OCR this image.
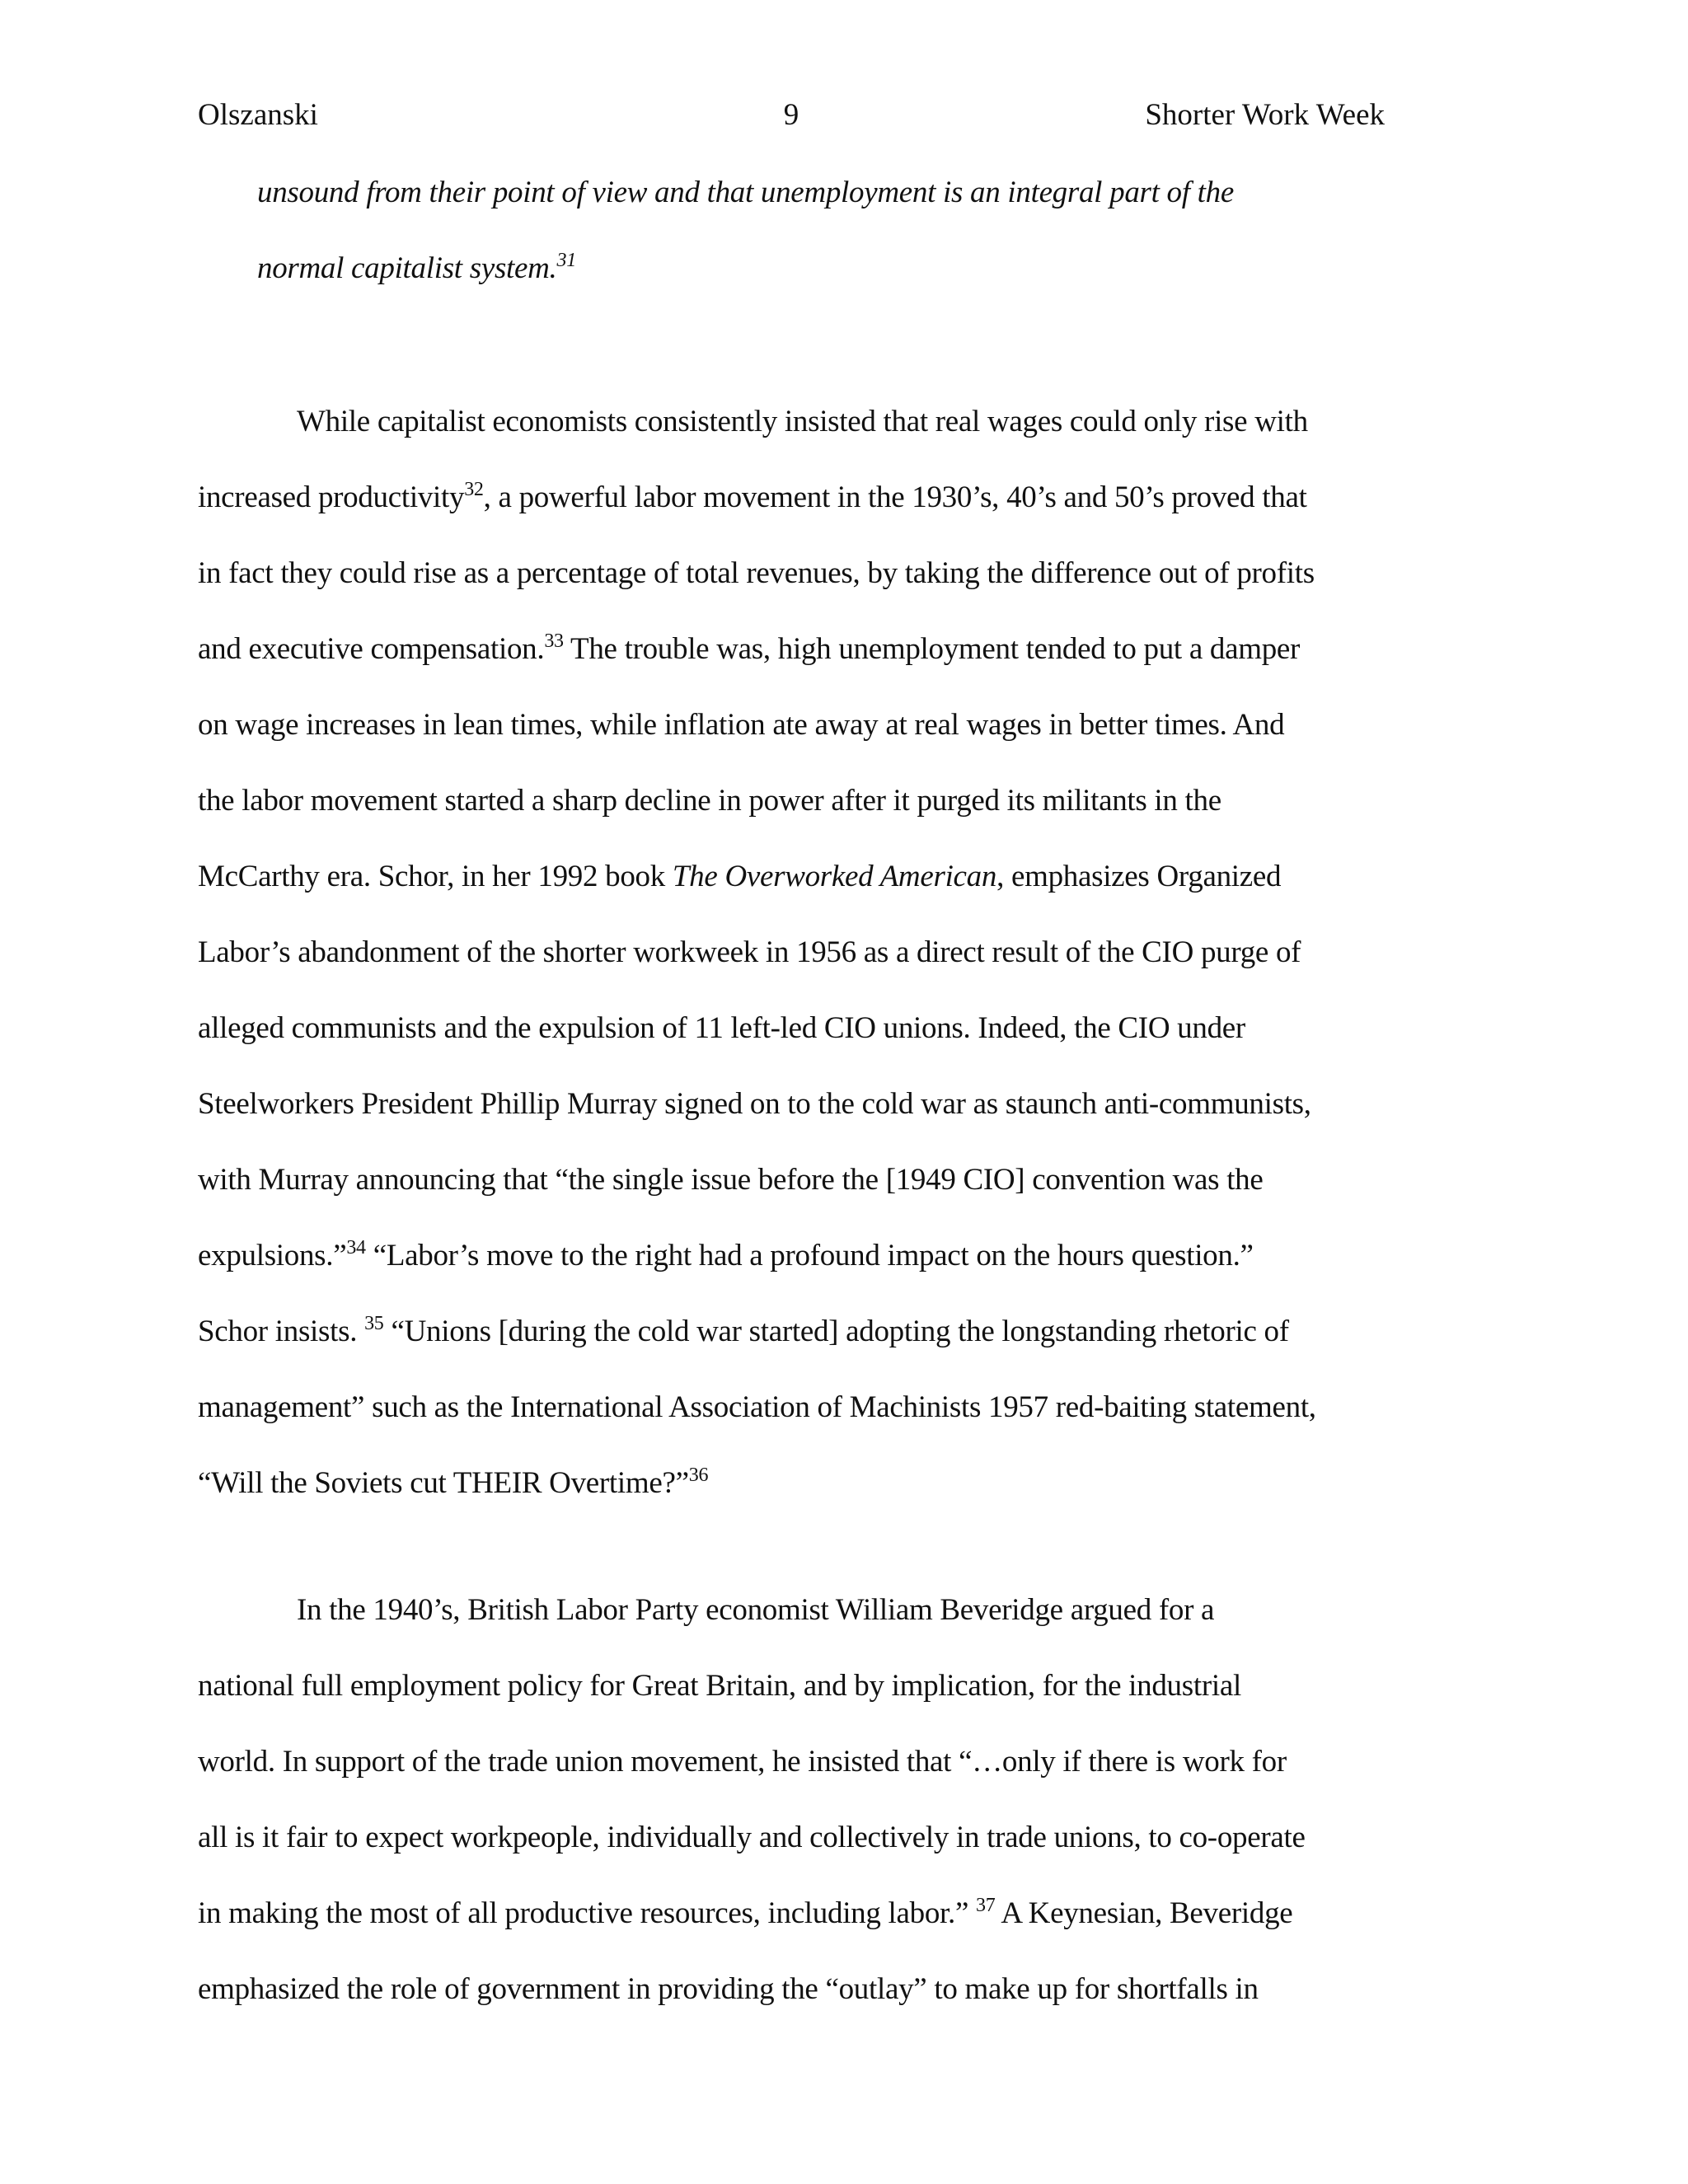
Olszanski	9	Shorter Work Week
unsound from their point of view and that unemployment is an integral part of the
normal capitalist system.$^{31}$
While capitalist economists consistently insisted that real wages could only rise with
increased productivity$^{32}$, a powerful labor movement in the 1930’s, 40’s and 50’s proved that
in fact they could rise as a percentage of total revenues, by taking the difference out of profits
and executive compensation.$^{33}$ The trouble was, high unemployment tended to put a damper
on wage increases in lean times, while inflation ate away at real wages in better times. And
the labor movement started a sharp decline in power after it purged its militants in the
McCarthy era. Schor, in her 1992 book The Overworked American, emphasizes Organized
Labor’s abandonment of the shorter workweek in 1956 as a direct result of the CIO purge of
alleged communists and the expulsion of 11 left-led CIO unions. Indeed, the CIO under
Steelworkers President Phillip Murray signed on to the cold war as staunch anti-communists,
with Murray announcing that “the single issue before the [1949 CIO] convention was the
expulsions.”$^{34}$ “Labor’s move to the right had a profound impact on the hours question.”
Schor insists. $^{35}$ “Unions [during the cold war started] adopting the longstanding rhetoric of
management” such as the International Association of Machinists 1957 red-baiting statement,
“Will the Soviets cut THEIR Overtime?”$^{36}$
In the 1940’s, British Labor Party economist William Beveridge argued for a
national full employment policy for Great Britain, and by implication, for the industrial
world. In support of the trade union movement, he insisted that “…only if there is work for
all is it fair to expect workpeople, individually and collectively in trade unions, to co-operate
in making the most of all productive resources, including labor.” $^{37}$ A Keynesian, Beveridge
emphasized the role of government in providing the “outlay” to make up for shortfalls in
